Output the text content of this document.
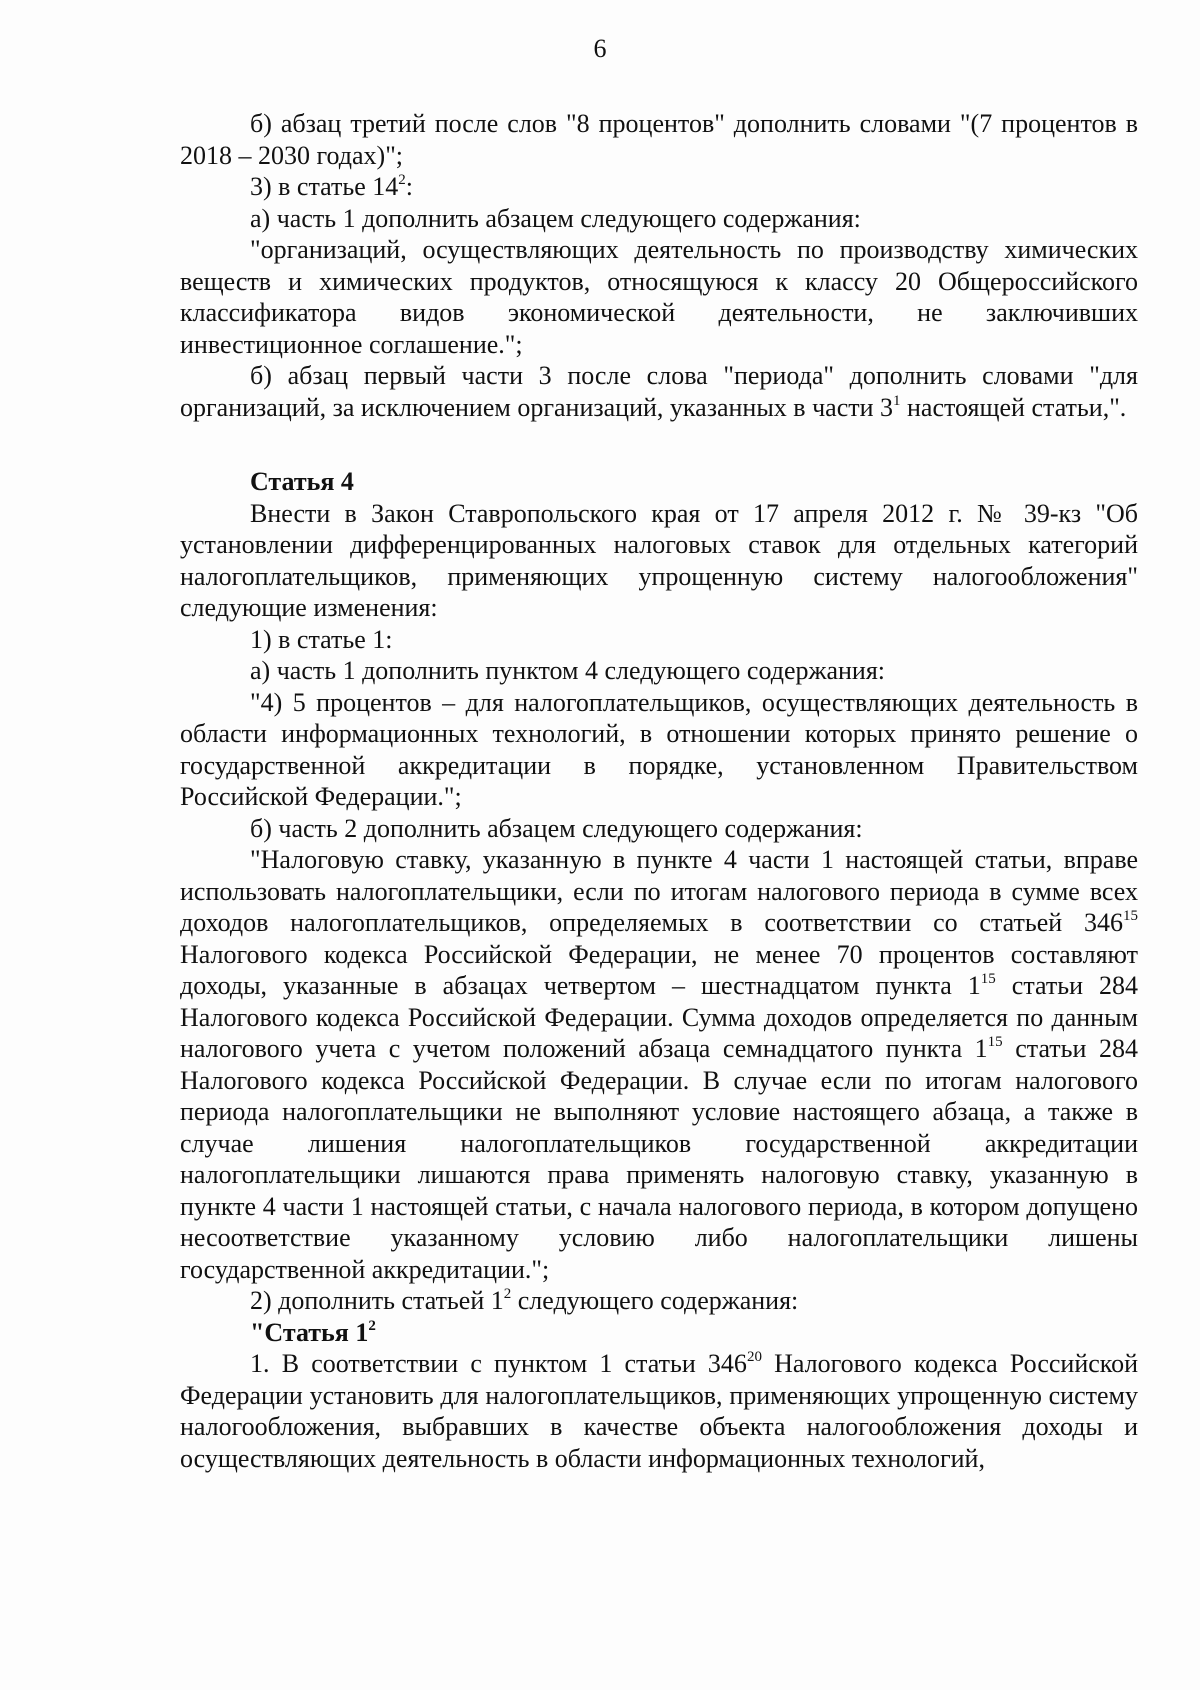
6

б) абзац третий после слов "8 процентов" дополнить словами "(7 процентов в 2018 – 2030 годах)";

3) в статье $14^2$:

а) часть 1 дополнить абзацем следующего содержания:

"организаций, осуществляющих деятельность по производству химических веществ и химических продуктов, относящуюся к классу 20 Общероссийского классификатора видов экономической деятельности, не заключивших инвестиционное соглашение.";

б) абзац первый части 3 после слова "периода" дополнить словами "для организаций, за исключением организаций, указанных в части $3^1$ настоящей статьи,".

Статья 4

Внести в Закон Ставропольского края от 17 апреля 2012 г. № 39-кз "Об установлении дифференцированных налоговых ставок для отдельных категорий налогоплательщиков, применяющих упрощенную систему налогообложения" следующие изменения:

1) в статье 1:

а) часть 1 дополнить пунктом 4 следующего содержания:

"4) 5 процентов – для налогоплательщиков, осуществляющих деятельность в области информационных технологий, в отношении которых принято решение о государственной аккредитации в порядке, установленном Правительством Российской Федерации.";

б) часть 2 дополнить абзацем следующего содержания:

"Налоговую ставку, указанную в пункте 4 части 1 настоящей статьи, вправе использовать налогоплательщики, если по итогам налогового периода в сумме всех доходов налогоплательщиков, определяемых в соответствии со статьей $346^{15}$ Налогового кодекса Российской Федерации, не менее 70 процентов составляют доходы, указанные в абзацах четвертом – шестнадцатом пункта $1^{15}$ статьи 284 Налогового кодекса Российской Федерации. Сумма доходов определяется по данным налогового учета с учетом положений абзаца семнадцатого пункта $1^{15}$ статьи 284 Налогового кодекса Российской Федерации. В случае если по итогам налогового периода налогоплательщики не выполняют условие настоящего абзаца, а также в случае лишения налогоплательщиков государственной аккредитации налогоплательщики лишаются права применять налоговую ставку, указанную в пункте 4 части 1 настоящей статьи, с начала налогового периода, в котором допущено несоответствие указанному условию либо налогоплательщики лишены государственной аккредитации.";

2) дополнить статьей $1^2$ следующего содержания:

"Статья $1^2$

1. В соответствии с пунктом 1 статьи $346^{20}$ Налогового кодекса Российской Федерации установить для налогоплательщиков, применяющих упрощенную систему налогообложения, выбравших в качестве объекта налогообложения доходы и осуществляющих деятельность в области информационных технологий,
